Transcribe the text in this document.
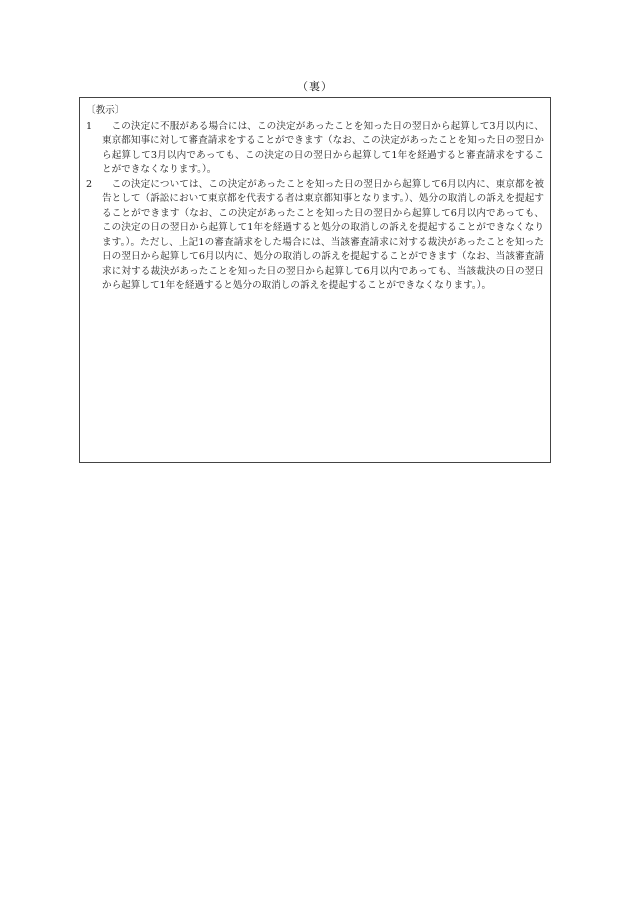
（裏）
〔教示〕
1	この決定に不服がある場合には、この決定があったことを知った日の翌日から起算して3月以内に、東京都知事に対して審査請求をすることができます（なお、この決定があったことを知った日の翌日から起算して3月以内であっても、この決定の日の翌日から起算して1年を経過すると審査請求をすることができなくなります。）。

2	この決定については、この決定があったことを知った日の翌日から起算して6月以内に、東京都を被告として（訴訟において東京都を代表する者は東京都知事となります。）、処分の取消しの訴えを提起することができます（なお、この決定があったことを知った日の翌日から起算して6月以内であっても、この決定の日の翌日から起算して1年を経過すると処分の取消しの訴えを提起することができなくなります。）。ただし、上記1の審査請求をした場合には、当該審査請求に対する裁決があったことを知った日の翌日から起算して6月以内に、処分の取消しの訴えを提起することができます（なお、当該審査請求に対する裁決があったことを知った日の翌日から起算して6月以内であっても、当該裁決の日の翌日から起算して1年を経過すると処分の取消しの訴えを提起することができなくなります。）。
